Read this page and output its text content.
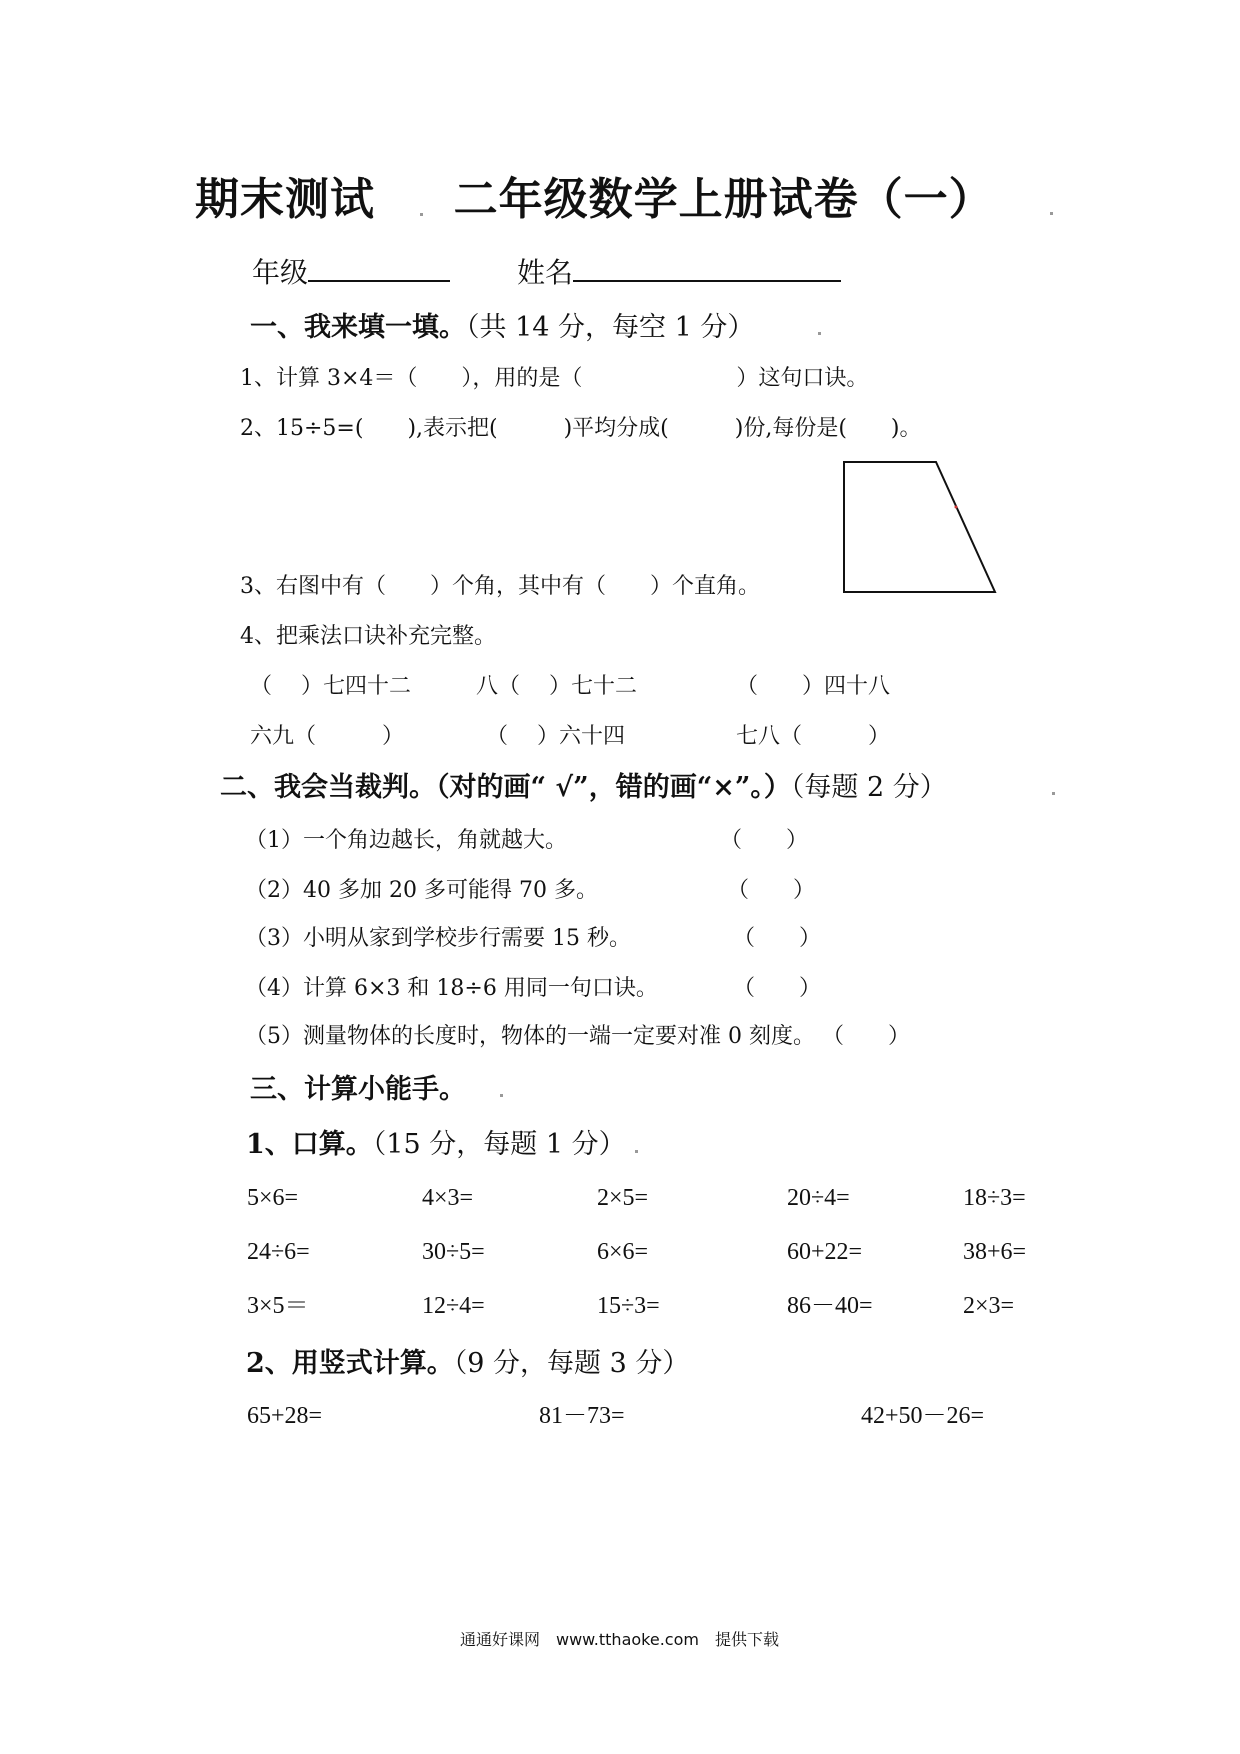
期末测试 二年级数学上册试卷（一）
年级	姓名
一、我来填一填。（共 14 分，每空 1 分）
1、计算 3×4＝（　　），用的是（　　　　　　　）这句口诀。
2、15÷5=(　　),表示把(　　　)平均分成(　　　)份,每份是(　　)。
3、右图中有（　　）个角，其中有（　　）个直角。
4、把乘法口诀补充完整。
（　 ）七四十二	八（　 ）七十二	（　　）四十八
六九（　　　）	（　 ）六十四	七八（　　　）
二、我会当裁判。（对的画“ √”，错的画“×”。）（每题 2 分）
（1）一个角边越长，角就越大。	（　　）
（2）40 多加 20 多可能得 70 多。	（　　）
（3）小明从家到学校步行需要 15 秒。	（　　）
（4）计算 6×3 和 18÷6 用同一句口诀。	（　　）
（5）测量物体的长度时，物体的一端一定要对准 0 刻度。 （　　）
三、计算小能手。
1、口算。（15 分，每题 1 分）
5×6=	4×3=	2×5=	20÷4=	18÷3=
24÷6=	30÷5=	6×6=	60+22=	38+6=
3×5＝	12÷4=	15÷3=	86－40=	2×3=
2、用竖式计算。（9 分，每题 3 分）
65+28=	81－73=	42+50－26=
通通好课网　www.tthaoke.com　提供下载
